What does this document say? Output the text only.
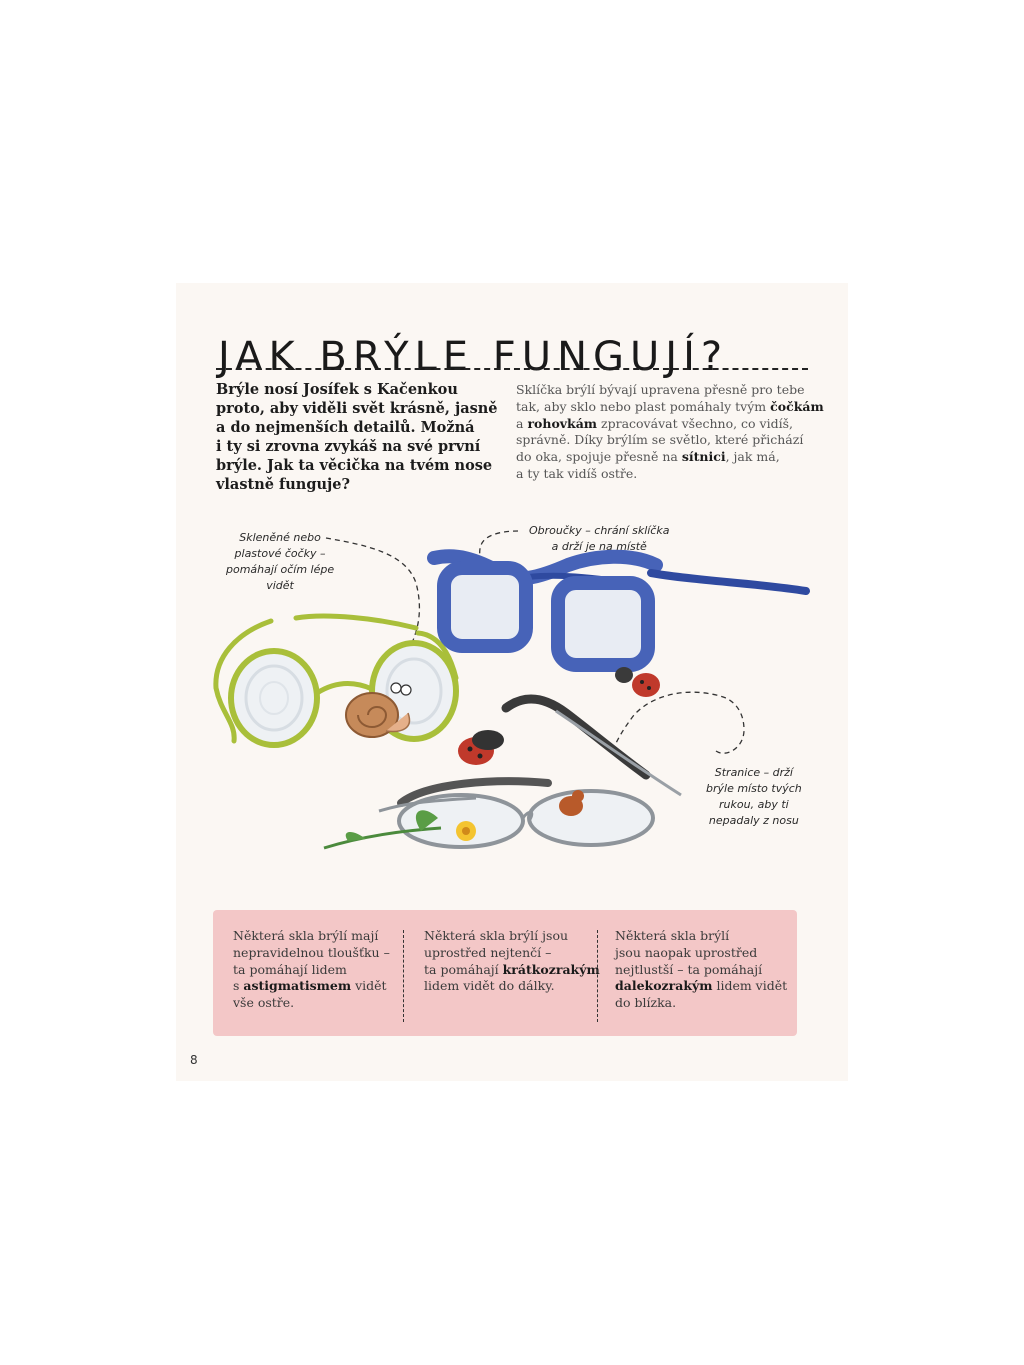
JAK BRÝLE FUNGUJÍ?
Brýle nosí Josífek s Kačenkou
proto, aby viděli svět krásně, jasně
a do nejmenších detailů. Možná
i ty si zrovna zvykáš na své první
brýle. Jak ta věcička na tvém nose
vlastně funguje?
Sklíčka brýlí bývají upravena přesně pro tebe
tak, aby sklo nebo plast pomáhaly tvým čočkám
a rohovkám zpracovávat všechno, co vidíš,
správně. Díky brýlím se světlo, které přichází
do oka, spojuje přesně na sítnici, jak má,
a ty tak vidíš ostře.
Skleněné nebo
plastové čočky –
pomáhají očím lépe
vidět
Obroučky – chrání sklíčka
a drží je na místě
Stranice – drží
brýle místo tvých
rukou, aby ti
nepadaly z nosu
Některá skla brýlí mají
nepravidelnou tloušťku –
ta pomáhají lidem
s astigmatismem vidět
vše ostře.
Některá skla brýlí jsou
uprostřed nejtenčí –
ta pomáhají krátkozrakým
lidem vidět do dálky.
Některá skla brýlí
jsou naopak uprostřed
nejtlustší – ta pomáhají
dalekozrakým lidem vidět
do blízka.
8
